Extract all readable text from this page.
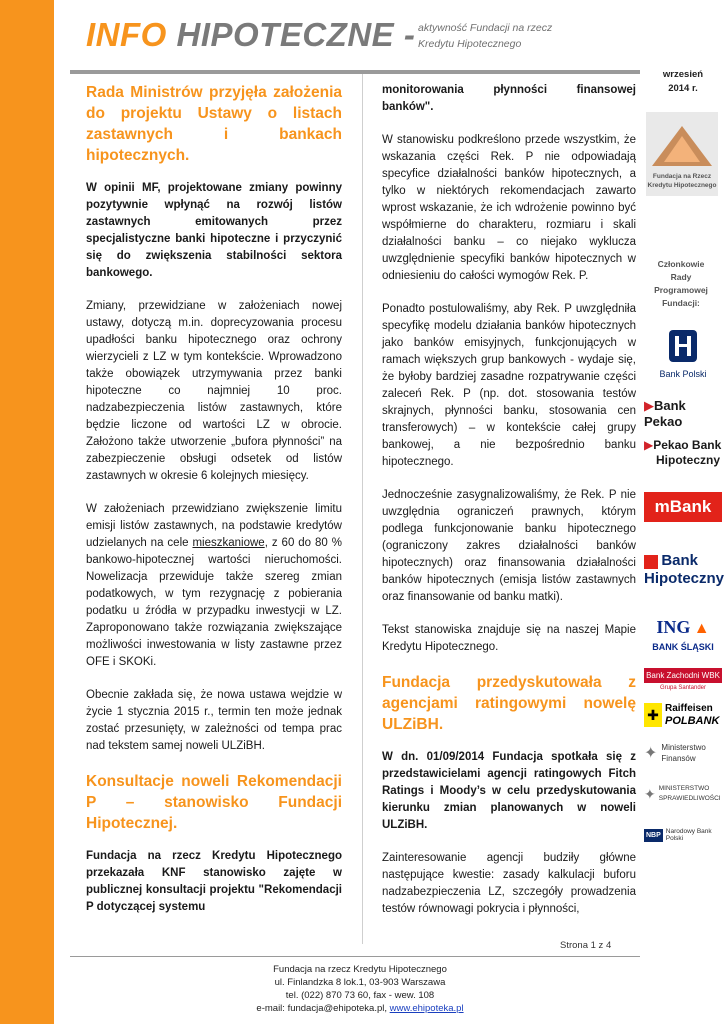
INFO HIPOTECZNE - aktywność Fundacji na rzecz
Kredytu Hipotecznego
Rada Ministrów przyjęła założenia do projektu Ustawy o listach zastawnych i bankach hipotecznych.

W opinii MF, projektowane zmiany powinny pozytywnie wpłynąć na rozwój listów zastawnych emitowanych przez specjalistyczne banki hipoteczne i przyczynić się do zwiększenia stabilności sektora bankowego.

Zmiany, przewidziane w założeniach nowej ustawy, dotyczą m.in. doprecyzowania procesu upadłości banku hipotecznego oraz ochrony wierzycieli z LZ w tym kontekście. Wprowadzono także obowiązek utrzymywania przez banki hipoteczne co najmniej 10 proc. nadzabezpieczenia listów zastawnych, które będzie liczone od wartości LZ w obrocie. Założono także utworzenie „bufora płynności” na zabezpieczenie obsługi odsetek od listów zastawnych w okresie 6 kolejnych miesięcy.

W założeniach przewidziano zwiększenie limitu emisji listów zastawnych, na podstawie kredytów udzielanych na cele mieszkaniowe, z 60 do 80 % bankowo-hipotecznej wartości nieruchomości. Nowelizacja przewiduje także szereg zmian podatkowych, w tym rezygnację z pobierania podatku u źródła w przypadku inwestycji w LZ. Zaproponowano także rozwiązania zwiększające możliwości inwestowania w listy zastawne przez OFE i SKOKi.

Obecnie zakłada się, że nowa ustawa wejdzie w życie 1 stycznia 2015 r., termin ten może jednak zostać przesunięty, w zależności od tempa prac nad tekstem samej noweli ULZiBH.

Konsultacje noweli Rekomendacji P – stanowisko Fundacji Hipotecznej.

Fundacja na rzecz Kredytu Hipotecznego przekazała KNF stanowisko zajęte w publicznej konsultacji projektu "Rekomendacji P dotyczącej systemu

monitorowania płynności finansowej banków".

W stanowisku podkreślono przede wszystkim, że wskazania części Rek. P nie odpowiadają specyfice działalności banków hipotecznych, a tylko w niektórych rekomendacjach zawarto wprost wskazanie, że ich wdrożenie powinno być współmierne do charakteru, rozmiaru i skali działalności banku – co niejako wyklucza uwzględnienie specyfiki banków hipotecznych w odniesieniu do całości wymogów Rek. P.

Ponadto postulowaliśmy, aby Rek. P uwzględniła specyfikę modelu działania banków hipotecznych jako banków emisyjnych, funkcjonujących w ramach większych grup bankowych - wydaje się, że byłoby bardziej zasadne rozpatrywanie części zaleceń Rek. P (np. dot. stosowania testów skrajnych, płynności banku, stosowania cen transferowych) – w kontekście całej grupy bankowej, a nie bezpośrednio banku hipotecznego.

Jednocześnie zasygnalizowaliśmy, że Rek. P nie uwzględnia ograniczeń prawnych, którym podlega funkcjonowanie banku hipotecznego (ograniczony zakres działalności banków hipotecznych) oraz finansowania działalności banków hipotecznych (emisja listów zastawnych oraz finansowanie od banku matki).

Tekst stanowiska znajduje się na naszej Mapie Kredytu Hipotecznego.

Fundacja przedyskutowała z agencjami ratingowymi nowelę ULZiBH.

W dn. 01/09/2014 Fundacja spotkała się z przedstawicielami agencji ratingowych Fitch Ratings i Moody’s w celu przedyskutowania kierunku zmian planowanych w noweli ULZiBH.

Zainteresowanie agencji budziły główne następujące kwestie: zasady kalkulacji buforu nadzabezpieczenia LZ, szczegóły prowadzenia testów równowagi pokrycia i płynności,

wrzesień
2014 r.
Fundacja na Rzecz
Kredytu Hipotecznego
Członkowie
Rady
Programowej
Fundacji:
Bank Polski
▶Bank Pekao
▶Pekao Bank
Hipoteczny
mBank
Bank
Hipoteczny
ING ▲
BANK ŚLĄSKI
Bank Zachodni WBK
Grupa Santander
✚ Raiffeisen
POLBANK
✦ Ministerstwo
Finansów
✦ MINISTERSTWO
SPRAWIEDLIWOŚCI
NBP Narodowy Bank Polski
Strona 1 z 4
Fundacja na rzecz Kredytu Hipotecznego
ul. Finlandzka 8 lok.1, 03-903 Warszawa
tel. (022) 870 73 60, fax - wew. 108
e-mail: fundacja@ehipoteka.pl, www.ehipoteka.pl
